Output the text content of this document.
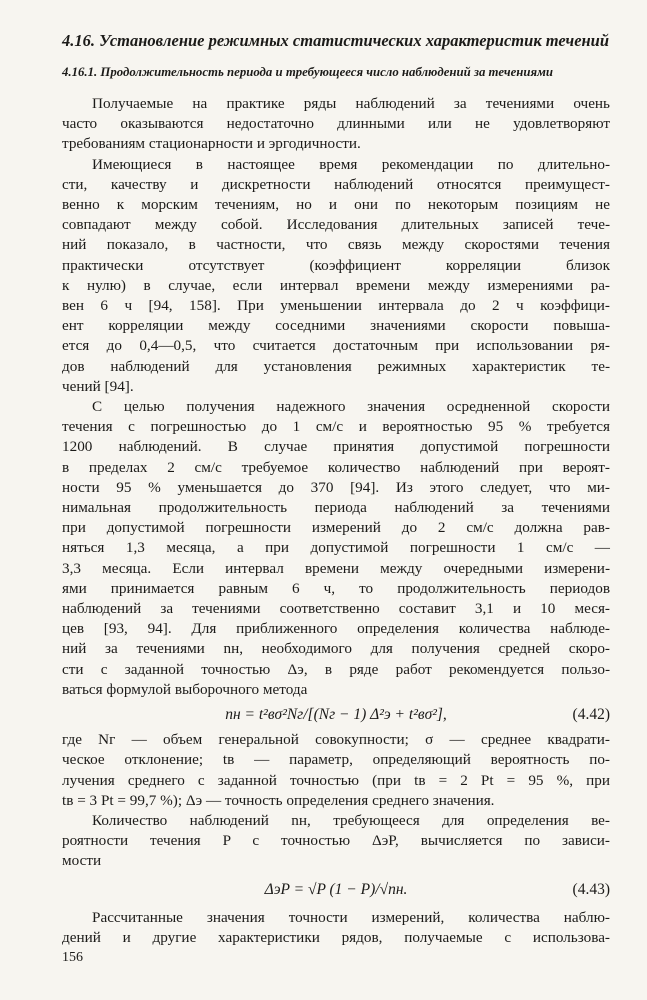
4.16. Установление режимных статистических характеристик течений
4.16.1. Продолжительность периода и требующееся число наблюдений за течениями
Получаемые на практике ряды наблюдений за течениями очень
часто оказываются недостаточно длинными или не удовлетворяют
требованиям стационарности и эргодичности.
Имеющиеся в настоящее время рекомендации по длительно-
сти, качеству и дискретности наблюдений относятся преимущест-
венно к морским течениям, но и они по некоторым позициям не
совпадают между собой. Исследования длительных записей тече-
ний показало, в частности, что связь между скоростями течения
практически отсутствует (коэффициент корреляции близок
к нулю) в случае, если интервал времени между измерениями ра-
вен 6 ч [94, 158]. При уменьшении интервала до 2 ч коэффици-
ент корреляции между соседними значениями скорости повыша-
ется до 0,4—0,5, что считается достаточным при использовании ря-
дов наблюдений для установления режимных характеристик те-
чений [94].
С целью получения надежного значения осредненной скорости
течения с погрешностью до 1 см/с и вероятностью 95 % требуется
1200 наблюдений. В случае принятия допустимой погрешности
в пределах 2 см/с требуемое количество наблюдений при вероят-
ности 95 % уменьшается до 370 [94]. Из этого следует, что ми-
нимальная продолжительность периода наблюдений за течениями
при допустимой погрешности измерений до 2 см/с должна рав-
няться 1,3 месяца, а при допустимой погрешности 1 см/с —
3,3 месяца. Если интервал времени между очередными измерени-
ями принимается равным 6 ч, то продолжительность периодов
наблюдений за течениями соответственно составит 3,1 и 10 меся-
цев [93, 94]. Для приближенного определения количества наблюде-
ний за течениями nн, необходимого для получения средней скоро-
сти с заданной точностью Δэ, в ряде работ рекомендуется пользо-
ваться формулой выборочного метода
nн = t²вσ²Nг/[(Nг − 1) Δ²э + t²вσ²],	(4.42)
где Nг — объем генеральной совокупности; σ — среднее квадрати-
ческое отклонение; tв — параметр, определяющий вероятность по-
лучения среднего с заданной точностью (при tв = 2 Pt = 95 %, при
tв = 3 Pt = 99,7 %); Δэ — точность определения среднего значения.
Количество наблюдений nн, требующееся для определения ве-
роятности течения P с точностью ΔэP, вычисляется по зависи-
мости
ΔэP = √P (1 − P)/√nн.	(4.43)
Рассчитанные значения точности измерений, количества наблю-
дений и другие характеристики рядов, получаемые с использова-
156
